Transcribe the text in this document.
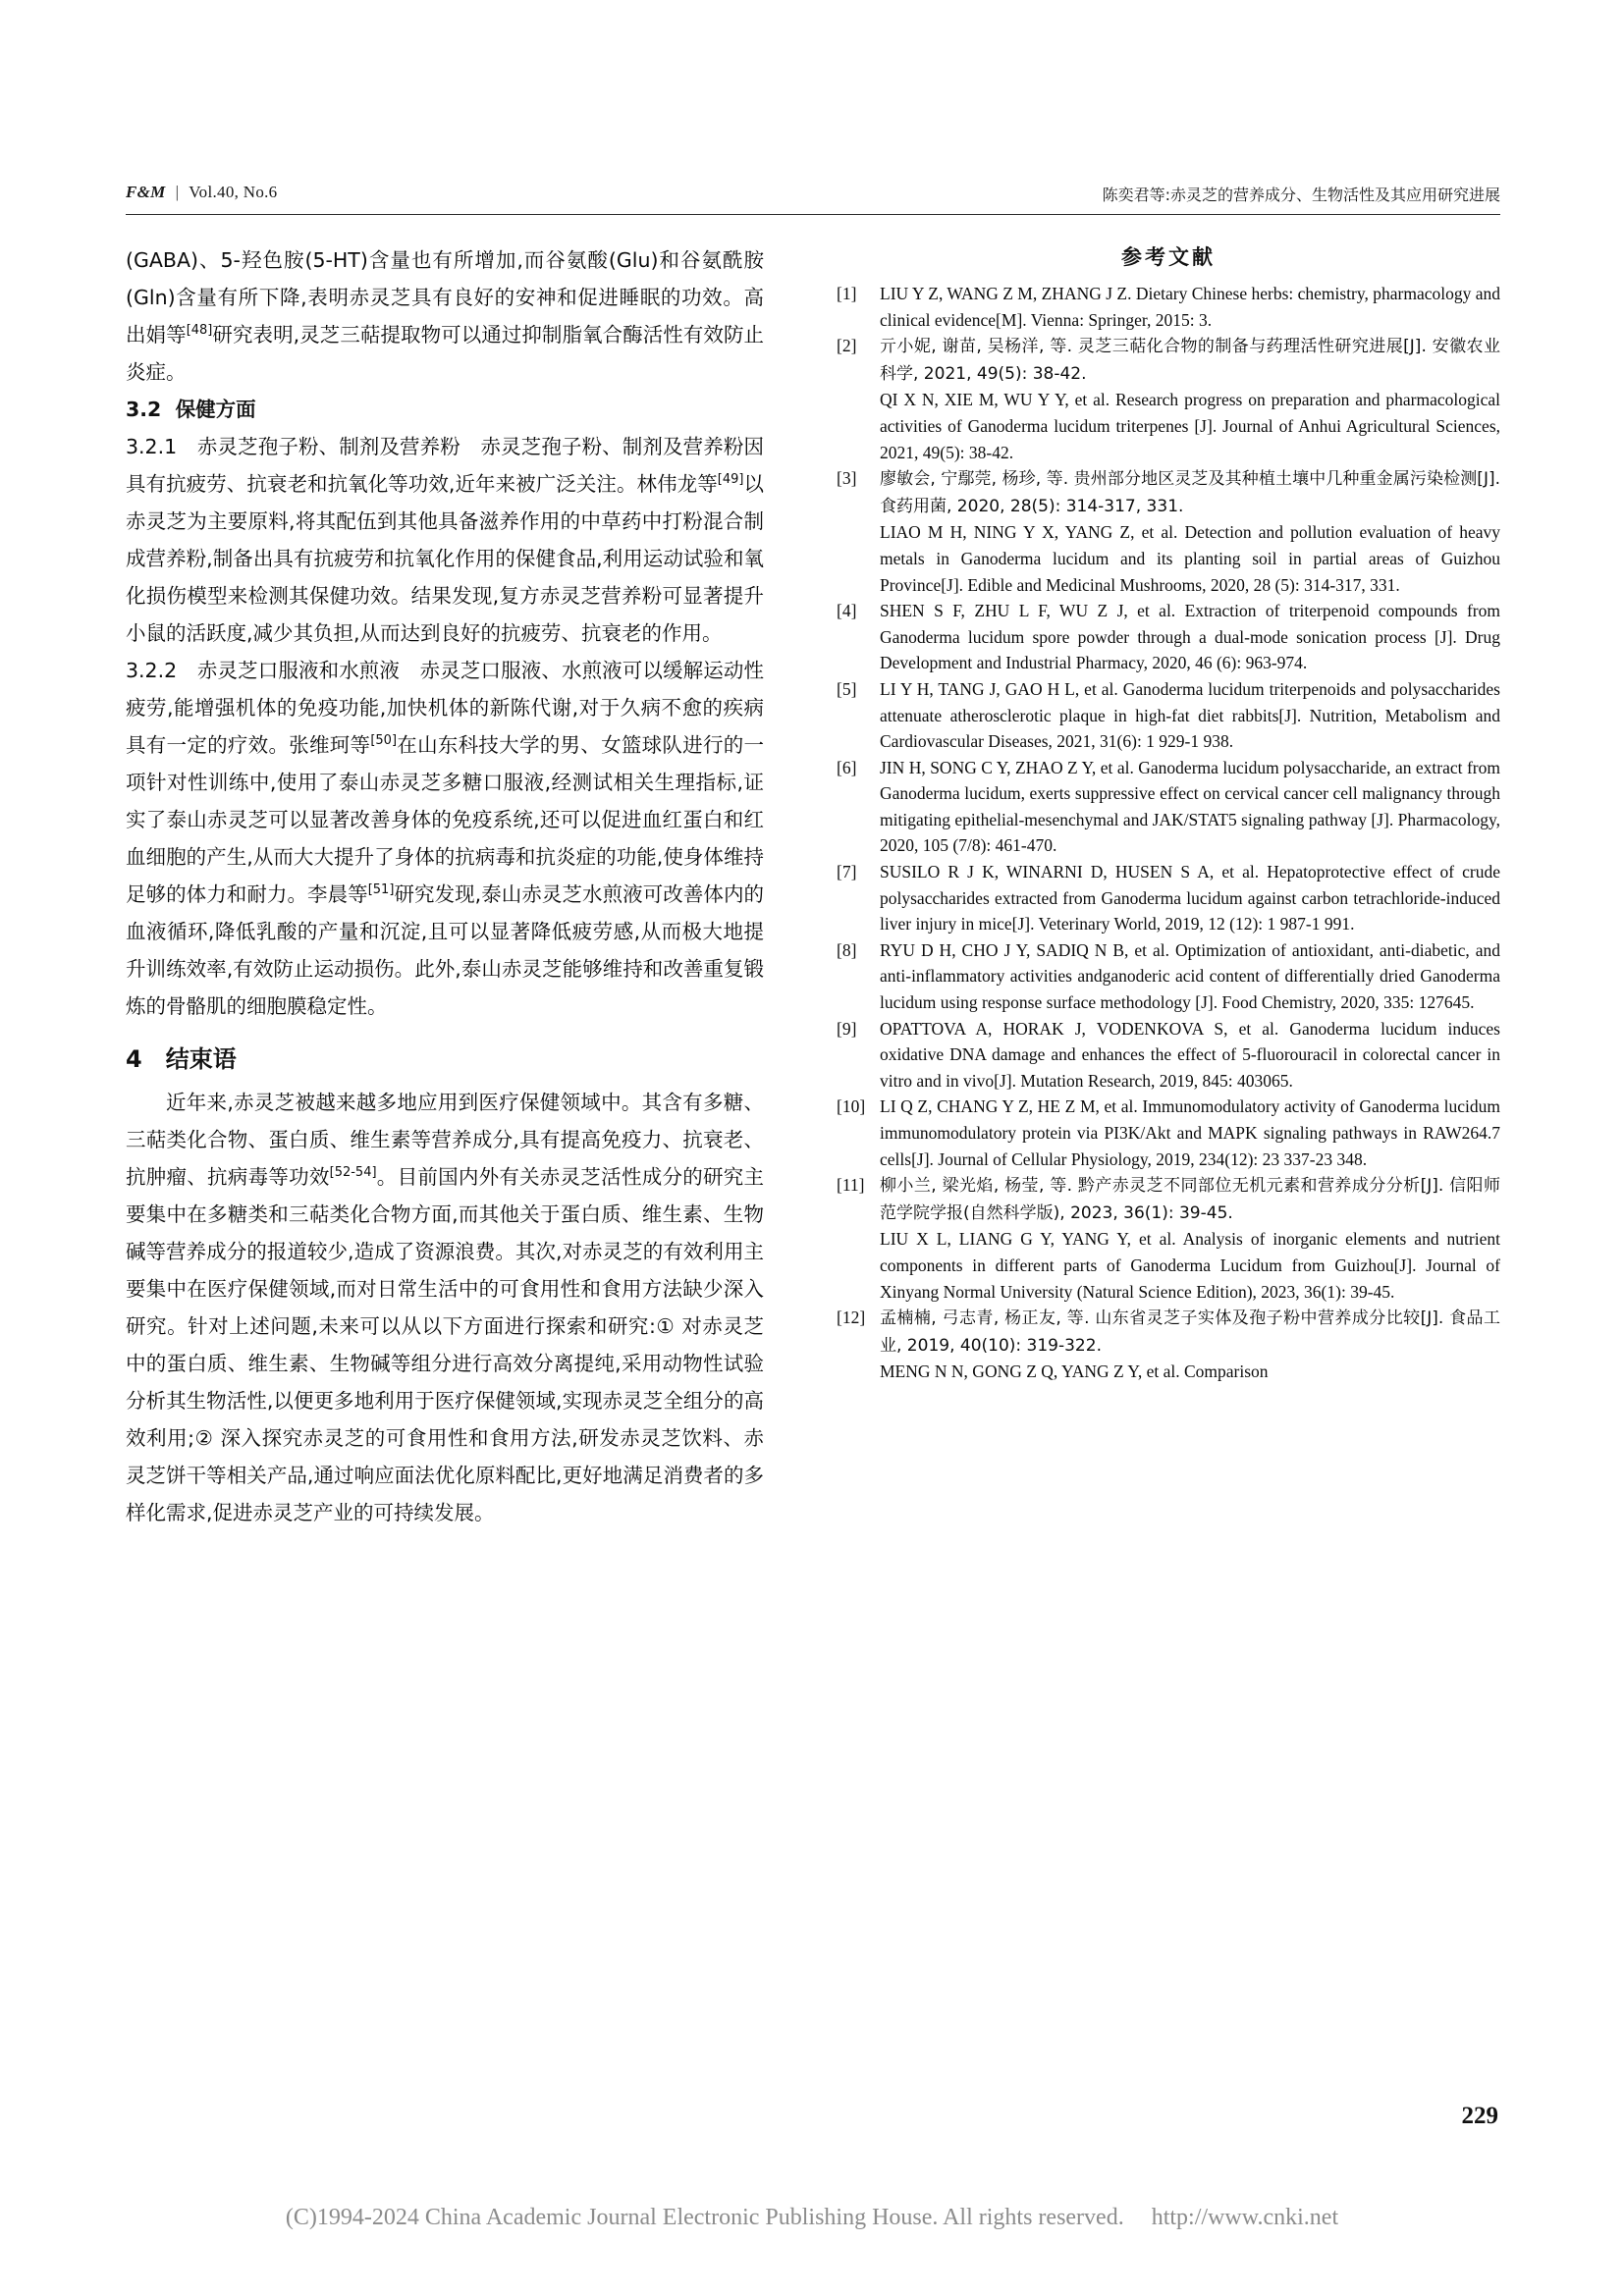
F&M | Vol.40, No.6	陈奕君等:赤灵芝的营养成分、生物活性及其应用研究进展

(GABA)、5-羟色胺(5-HT)含量也有所增加,而谷氨酸(Glu)和谷氨酰胺(Gln)含量有所下降,表明赤灵芝具有良好的安神和促进睡眠的功效。高出娟等[48]研究表明,灵芝三萜提取物可以通过抑制脂氧合酶活性有效防止炎症。

3.2 保健方面

3.2.1　赤灵芝孢子粉、制剂及营养粉　赤灵芝孢子粉、制剂及营养粉因具有抗疲劳、抗衰老和抗氧化等功效,近年来被广泛关注。林伟龙等[49]以赤灵芝为主要原料,将其配伍到其他具备滋养作用的中草药中打粉混合制成营养粉,制备出具有抗疲劳和抗氧化作用的保健食品,利用运动试验和氧化损伤模型来检测其保健功效。结果发现,复方赤灵芝营养粉可显著提升小鼠的活跃度,减少其负担,从而达到良好的抗疲劳、抗衰老的作用。

3.2.2　赤灵芝口服液和水煎液　赤灵芝口服液、水煎液可以缓解运动性疲劳,能增强机体的免疫功能,加快机体的新陈代谢,对于久病不愈的疾病具有一定的疗效。张维珂等[50]在山东科技大学的男、女篮球队进行的一项针对性训练中,使用了泰山赤灵芝多糖口服液,经测试相关生理指标,证实了泰山赤灵芝可以显著改善身体的免疫系统,还可以促进血红蛋白和红血细胞的产生,从而大大提升了身体的抗病毒和抗炎症的功能,使身体维持足够的体力和耐力。李晨等[51]研究发现,泰山赤灵芝水煎液可改善体内的血液循环,降低乳酸的产量和沉淀,且可以显著降低疲劳感,从而极大地提升训练效率,有效防止运动损伤。此外,泰山赤灵芝能够维持和改善重复锻炼的骨骼肌的细胞膜稳定性。

4 结束语

近年来,赤灵芝被越来越多地应用到医疗保健领域中。其含有多糖、三萜类化合物、蛋白质、维生素等营养成分,具有提高免疫力、抗衰老、抗肿瘤、抗病毒等功效[52-54]。目前国内外有关赤灵芝活性成分的研究主要集中在多糖类和三萜类化合物方面,而其他关于蛋白质、维生素、生物碱等营养成分的报道较少,造成了资源浪费。其次,对赤灵芝的有效利用主要集中在医疗保健领域,而对日常生活中的可食用性和食用方法缺少深入研究。针对上述问题,未来可以从以下方面进行探索和研究:① 对赤灵芝中的蛋白质、维生素、生物碱等组分进行高效分离提纯,采用动物性试验分析其生物活性,以便更多地利用于医疗保健领域,实现赤灵芝全组分的高效利用;② 深入探究赤灵芝的可食用性和食用方法,研发赤灵芝饮料、赤灵芝饼干等相关产品,通过响应面法优化原料配比,更好地满足消费者的多样化需求,促进赤灵芝产业的可持续发展。

参考文献
[1]	LIU Y Z, WANG Z M, ZHANG J Z. Dietary Chinese herbs: chemistry, pharmacology and clinical evidence[M]. Vienna: Springer, 2015: 3.
[2]	亓小妮, 谢苗, 吴杨洋, 等. 灵芝三萜化合物的制备与药理活性研究进展[J]. 安徽农业科学, 2021, 49(5): 38-42.
QI X N, XIE M, WU Y Y, et al. Research progress on preparation and pharmacological activities of Ganoderma lucidum triterpenes [J]. Journal of Anhui Agricultural Sciences, 2021, 49(5): 38-42.
[3]	廖敏会, 宁鄢莞, 杨珍, 等. 贵州部分地区灵芝及其种植土壤中几种重金属污染检测[J]. 食药用菌, 2020, 28(5): 314-317, 331.
LIAO M H, NING Y X, YANG Z, et al. Detection and pollution evaluation of heavy metals in Ganoderma lucidum and its planting soil in partial areas of Guizhou Province[J]. Edible and Medicinal Mushrooms, 2020, 28 (5): 314-317, 331.
[4]	SHEN S F, ZHU L F, WU Z J, et al. Extraction of triterpenoid compounds from Ganoderma lucidum spore powder through a dual-mode sonication process [J]. Drug Development and Industrial Pharmacy, 2020, 46 (6): 963-974.
[5]	LI Y H, TANG J, GAO H L, et al. Ganoderma lucidum triterpenoids and polysaccharides attenuate atherosclerotic plaque in high-fat diet rabbits[J]. Nutrition, Metabolism and Cardiovascular Diseases, 2021, 31(6): 1 929-1 938.
[6]	JIN H, SONG C Y, ZHAO Z Y, et al. Ganoderma lucidum polysaccharide, an extract from Ganoderma lucidum, exerts suppressive effect on cervical cancer cell malignancy through mitigating epithelial-mesenchymal and JAK/STAT5 signaling pathway [J]. Pharmacology, 2020, 105 (7/8): 461-470.
[7]	SUSILO R J K, WINARNI D, HUSEN S A, et al. Hepatoprotective effect of crude polysaccharides extracted from Ganoderma lucidum against carbon tetrachloride-induced liver injury in mice[J]. Veterinary World, 2019, 12 (12): 1 987-1 991.
[8]	RYU D H, CHO J Y, SADIQ N B, et al. Optimization of antioxidant, anti-diabetic, and anti-inflammatory activities andganoderic acid content of differentially dried Ganoderma lucidum using response surface methodology [J]. Food Chemistry, 2020, 335: 127645.
[9]	OPATTOVA A, HORAK J, VODENKOVA S, et al. Ganoderma lucidum induces oxidative DNA damage and enhances the effect of 5-fluorouracil in colorectal cancer in vitro and in vivo[J]. Mutation Research, 2019, 845: 403065.
[10] LI Q Z, CHANG Y Z, HE Z M, et al. Immunomodulatory activity of Ganoderma lucidum immunomodulatory protein via PI3K/Akt and MAPK signaling pathways in RAW264.7 cells[J]. Journal of Cellular Physiology, 2019, 234(12): 23 337-23 348.
[11] 柳小兰, 梁光焰, 杨莹, 等. 黔产赤灵芝不同部位无机元素和营养成分分析[J]. 信阳师范学院学报(自然科学版), 2023, 36(1): 39-45.
LIU X L, LIANG G Y, YANG Y, et al. Analysis of inorganic elements and nutrient components in different parts of Ganoderma Lucidum from Guizhou[J]. Journal of Xinyang Normal University (Natural Science Edition), 2023, 36(1): 39-45.
[12] 孟楠楠, 弓志青, 杨正友, 等. 山东省灵芝子实体及孢子粉中营养成分比较[J]. 食品工业, 2019, 40(10): 319-322.
MENG N N, GONG Z Q, YANG Z Y, et al. Comparison
229
(C)1994-2024 China Academic Journal Electronic Publishing House. All rights reserved. http://www.cnki.net
